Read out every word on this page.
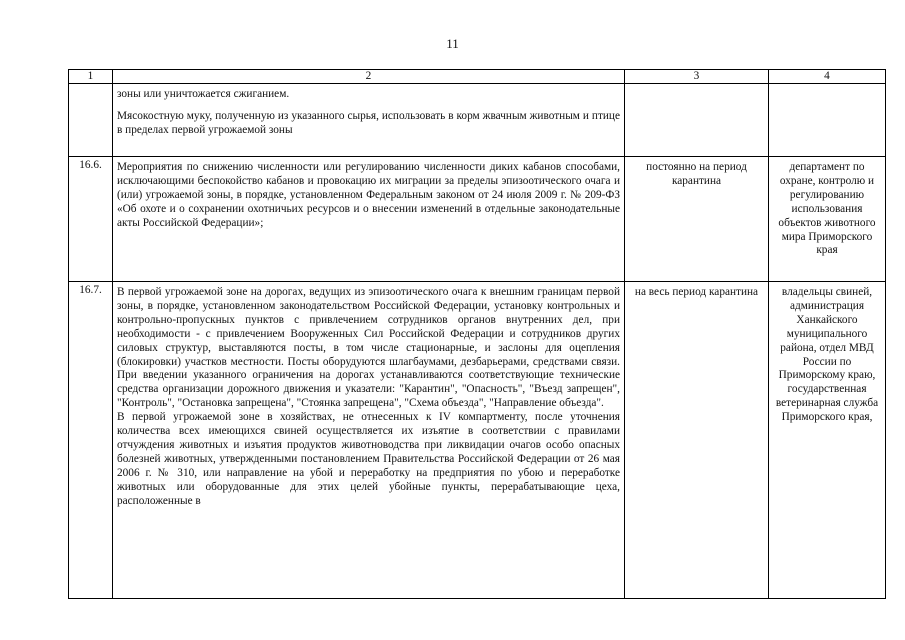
11
1	2	3	4

	зоны или уничтожается сжиганием.

Мясокостную муку, полученную из указанного сырья, использовать в корм жвачным животным и птице в пределах первой угрожаемой зоны		

16.6.	Мероприятия по снижению численности или регулированию численности диких кабанов способами, исключающими беспокойство кабанов и провокацию их миграции за пределы эпизоотического очага и (или) угрожаемой зоны, в порядке, установленном Федеральным законом от 24 июля 2009 г. № 209-ФЗ «Об охоте и о сохранении охотничьих ресурсов и о внесении изменений в отдельные законодательные акты Российской Федерации»;	постоянно на период карантина	департамент по охране, контролю и регулированию использования объектов животного мира Приморского края
16.7.	В первой угрожаемой зоне на дорогах, ведущих из эпизоотического очага к внешним границам первой зоны, в порядке, установленном законодательством Российской Федерации, установку контрольных и контрольно-пропускных пунктов с привлечением сотрудников органов внутренних дел, при необходимости - с привлечением Вооруженных Сил Российской Федерации и сотрудников других силовых структур, выставляются посты, в том числе стационарные, и заслоны для оцепления (блокировки) участков местности. Посты оборудуются шлагбаумами, дезбарьерами, средствами связи. При введении указанного ограничения на дорогах устанавливаются соответствующие технические средства организации дорожного движения и указатели: "Карантин", "Опасность", "Въезд запрещен", "Контроль", "Остановка запрещена", "Стоянка запрещена", "Схема объезда", "Направление объезда".

В первой угрожаемой зоне в хозяйствах, не отнесенных к IV компартменту, после уточнения количества всех имеющихся свиней осуществляется их изъятие в соответствии с правилами отчуждения животных и изъятия продуктов животноводства при ликвидации очагов особо опасных болезней животных, утвержденными постановлением Правительства Российской Федерации от 26 мая 2006 г. № 310, или направление на убой и переработку на предприятия по убою и переработке животных или оборудованные для этих целей убойные пункты, перерабатывающие цеха, расположенные в	на весь период карантина	владельцы свиней, администрация Ханкайского муниципального района, отдел МВД России по Приморскому краю, государственная ветеринарная служба Приморского края,
